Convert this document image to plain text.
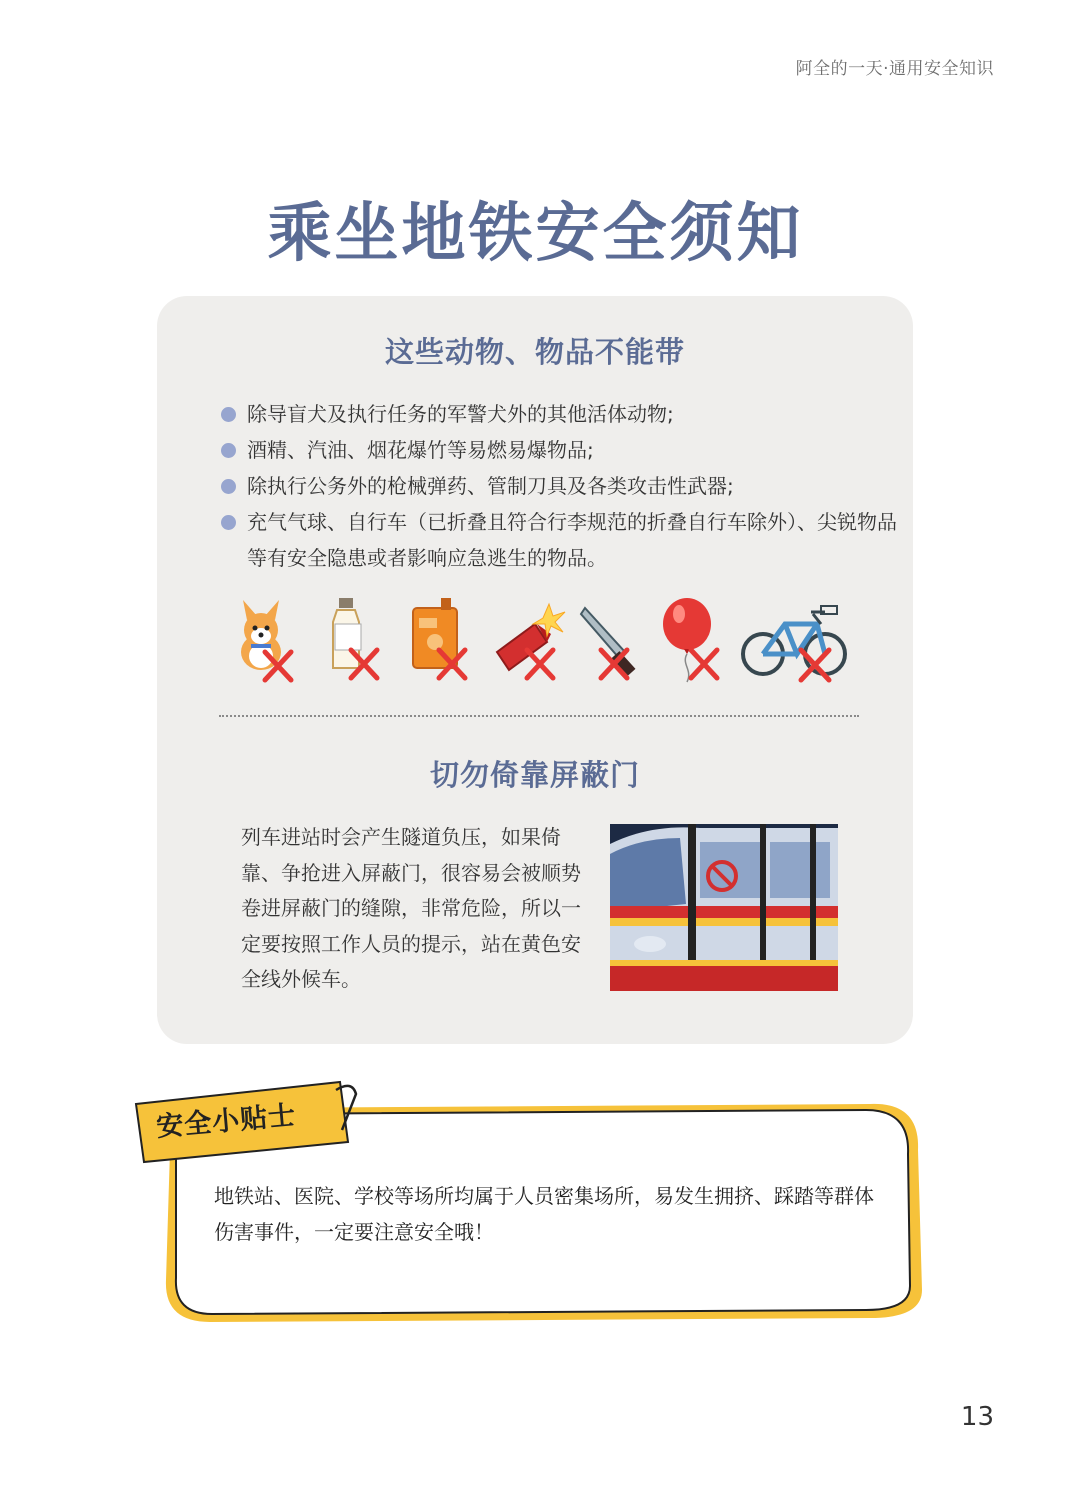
阿全的一天·通用安全知识
乘坐地铁安全须知
这些动物、物品不能带
除导盲犬及执行任务的军警犬外的其他活体动物;
酒精、汽油、烟花爆竹等易燃易爆物品;
除执行公务外的枪械弹药、管制刀具及各类攻击性武器;
充气气球、自行车（已折叠且符合行李规范的折叠自行车除外）、尖锐物品等有安全隐患或者影响应急逃生的物品。
切勿倚靠屏蔽门

列车进站时会产生隧道负压，如果倚靠、争抢进入屏蔽门，很容易会被顺势卷进屏蔽门的缝隙，非常危险，所以一定要按照工作人员的提示，站在黄色安全线外候车。

安全小贴士

地铁站、医院、学校等场所均属于人员密集场所，易发生拥挤、踩踏等群体伤害事件，一定要注意安全哦！

13
